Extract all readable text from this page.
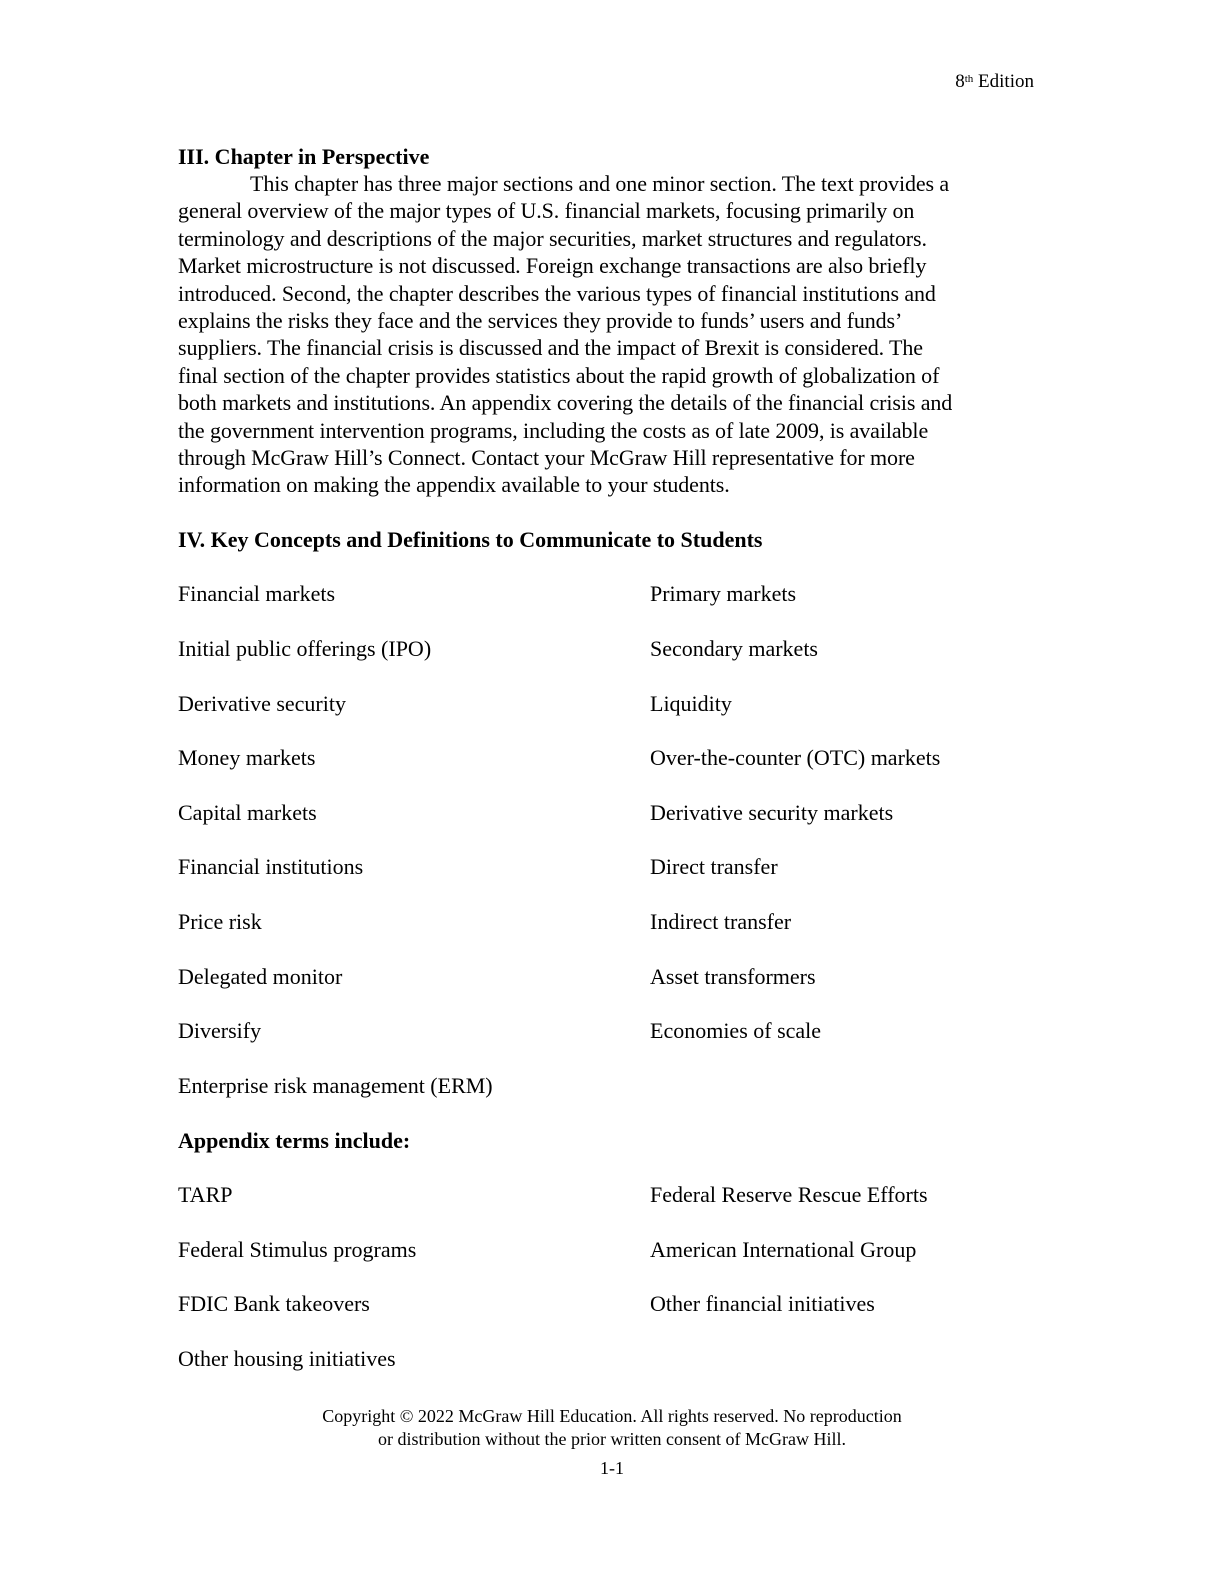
8th Edition
III. Chapter in Perspective
This chapter has three major sections and one minor section. The text provides a
general overview of the major types of U.S. financial markets, focusing primarily on
terminology and descriptions of the major securities, market structures and regulators.
Market microstructure is not discussed. Foreign exchange transactions are also briefly
introduced. Second, the chapter describes the various types of financial institutions and
explains the risks they face and the services they provide to funds’ users and funds’
suppliers. The financial crisis is discussed and the impact of Brexit is considered. The
final section of the chapter provides statistics about the rapid growth of globalization of
both markets and institutions. An appendix covering the details of the financial crisis and
the government intervention programs, including the costs as of late 2009, is available
through McGraw Hill’s Connect. Contact your McGraw Hill representative for more
information on making the appendix available to your students.
IV. Key Concepts and Definitions to Communicate to Students
Financial markets	Primary markets
Initial public offerings (IPO)	Secondary markets
Derivative security	Liquidity
Money markets	Over-the-counter (OTC) markets
Capital markets	Derivative security markets
Financial institutions	Direct transfer
Price risk	Indirect transfer
Delegated monitor	Asset transformers
Diversify	Economies of scale
Enterprise risk management (ERM)
Appendix terms include:
TARP	Federal Reserve Rescue Efforts
Federal Stimulus programs	American International Group
FDIC Bank takeovers	Other financial initiatives
Other housing initiatives
Copyright © 2022 McGraw Hill Education. All rights reserved. No reproduction
or distribution without the prior written consent of McGraw Hill.
1-1
